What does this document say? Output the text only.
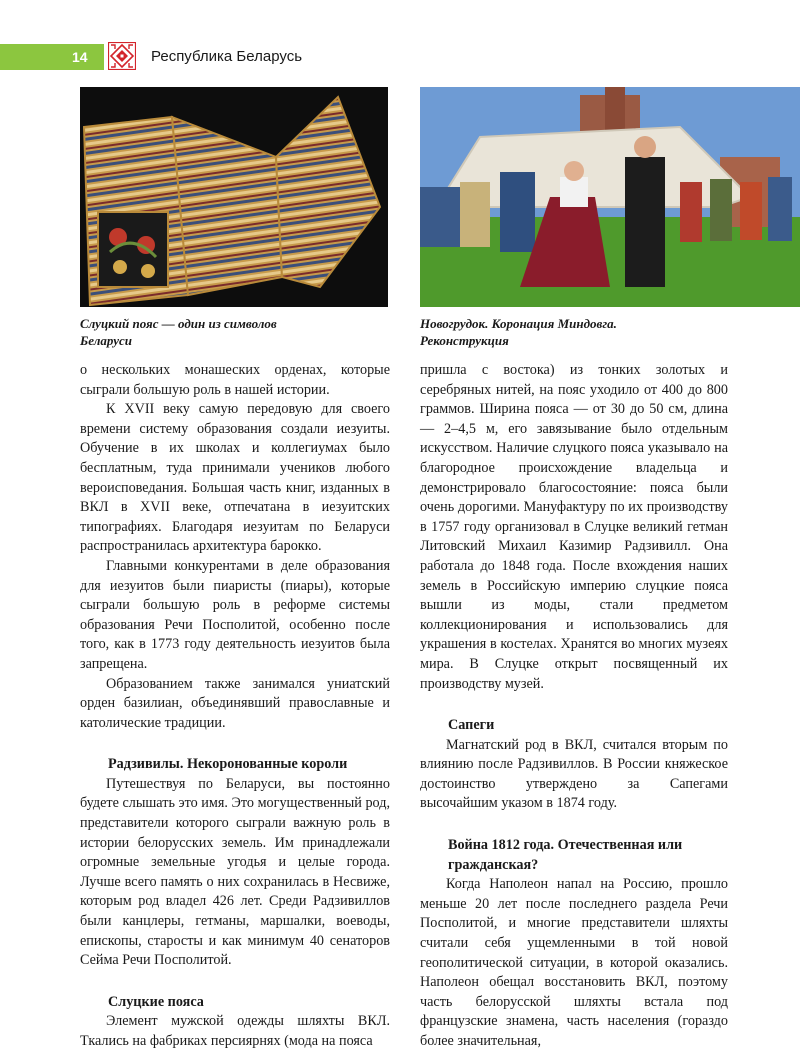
14	Республика Беларусь
Слуцкий пояс — один из символов
Беларуси
Новогрудок. Коронация Миндовга.
Реконструкция

о нескольких монашеских орденах, которые сыграли большую роль в нашей истории.

К XVII веку самую передовую для своего времени систему образования создали иезуиты. Обучение в их школах и коллегиумах было бесплатным, туда принимали учеников любого вероисповедания. Большая часть книг, изданных в ВКЛ в XVII веке, отпечатана в иезуитских типографиях. Благодаря иезуитам по Беларуси распространилась архитектура барокко.

Главными конкурентами в деле образования для иезуитов были пиаристы (пиары), которые сыграли большую роль в реформе системы образования Речи Посполитой, особенно после того, как в 1773 году деятельность иезуитов была запрещена.

Образованием также занимался униатский орден базилиан, объединявший православные и католические традиции.

Радзивилы. Некоронованные короли

Путешествуя по Беларуси, вы постоянно будете слышать это имя. Это могущественный род, представители которого сыграли важную роль в истории белорусских земель. Им принадлежали огромные земельные угодья и целые города. Лучше всего память о них сохранилась в Несвиже, которым род владел 426 лет. Среди Радзивиллов были канцлеры, гетманы, маршалки, воеводы, епископы, старосты и как минимум 40 сенаторов Сейма Речи Посполитой.

Слуцкие пояса

Элемент мужской одежды шляхты ВКЛ. Ткались на фабриках персиярнях (мода на пояса

пришла с востока) из тонких золотых и серебряных нитей, на пояс уходило от 400 до 800 граммов. Ширина пояса — от 30 до 50 см, длина — 2–4,5 м, его завязывание было отдельным искусством. Наличие слуцкого пояса указывало на благородное происхождение владельца и демонстрировало благосостояние: пояса были очень дорогими. Мануфактуру по их производству в 1757 году организовал в Слуцке великий гетман Литовский Михаил Казимир Радзивилл. Она работала до 1848 года. После вхождения наших земель в Российскую империю слуцкие пояса вышли из моды, стали предметом коллекционирования и использовались для украшения в костелах. Хранятся во многих музеях мира. В Слуцке открыт посвященный их производству музей.

Сапеги

Магнатский род в ВКЛ, считался вторым по влиянию после Радзивиллов. В России княжеское достоинство утверждено за Сапегами высочайшим указом в 1874 году.

Война 1812 года. Отечественная или гражданская?

Когда Наполеон напал на Россию, прошло меньше 20 лет после последнего раздела Речи Посполитой, и многие представители шляхты считали себя ущемленными в той новой геополитической ситуации, в которой оказались. Наполеон обещал восстановить ВКЛ, поэтому часть белорусской шляхты встала под французские знамена, часть населения (гораздо более значительная,
